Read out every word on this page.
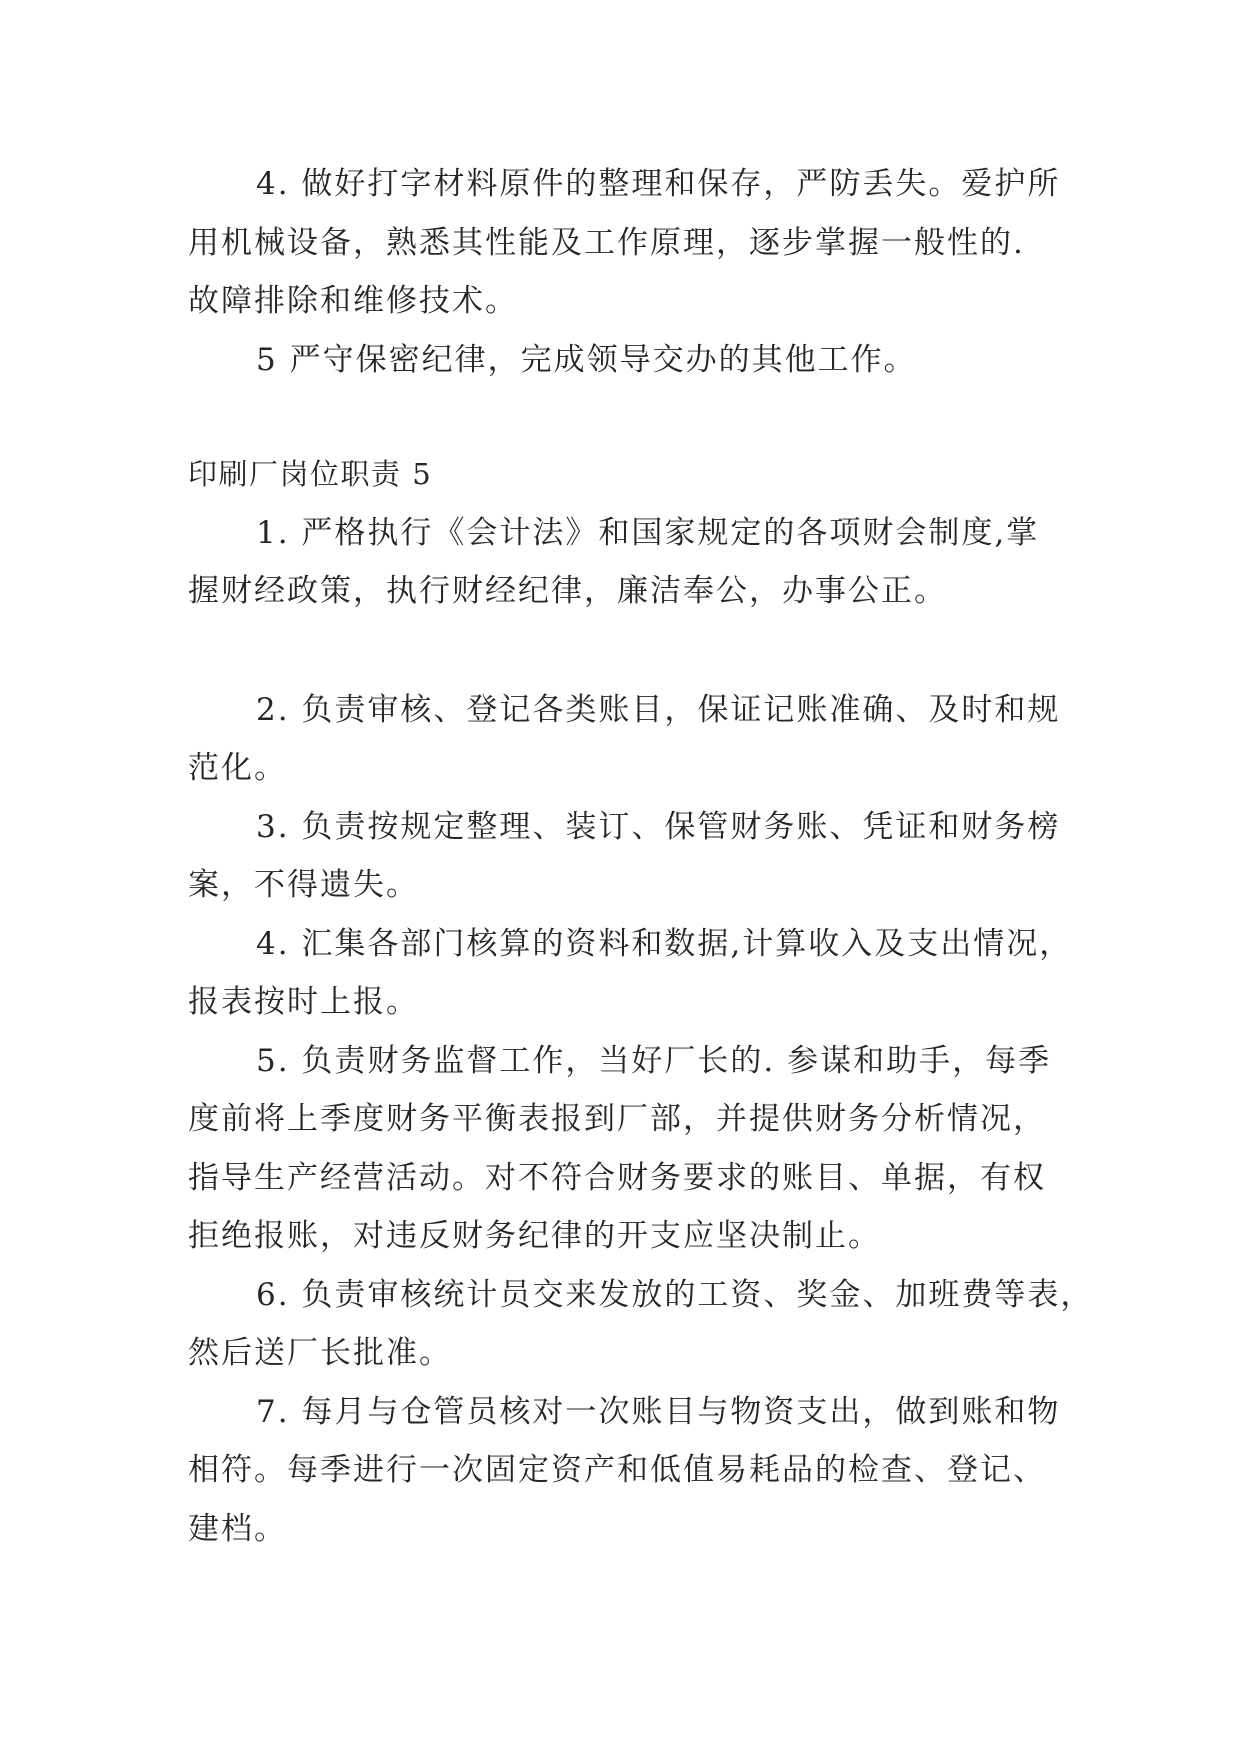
4. 做好打字材料原件的整理和保存，严防丢失。爱护所
用机械设备，熟悉其性能及工作原理，逐步掌握一般性的.
故障排除和维修技术。
5 严守保密纪律，完成领导交办的其他工作。
印刷厂岗位职责 5
1. 严格执行《会计法》和国家规定的各项财会制度,掌
握财经政策，执行财经纪律，廉洁奉公，办事公正。
2. 负责审核、登记各类账目，保证记账准确、及时和规
范化。
3. 负责按规定整理、装订、保管财务账、凭证和财务榜
案，不得遗失。
4. 汇集各部门核算的资料和数据,计算收入及支出情况，
报表按时上报。
5. 负责财务监督工作，当好厂长的. 参谋和助手，每季
度前将上季度财务平衡表报到厂部，并提供财务分析情况，
指导生产经营活动。对不符合财务要求的账目、单据，有权
拒绝报账，对违反财务纪律的开支应坚决制止。
6. 负责审核统计员交来发放的工资、奖金、加班费等表，
然后送厂长批准。
7. 每月与仓管员核对一次账目与物资支出，做到账和物
相符。每季进行一次固定资产和低值易耗品的检查、登记、
建档。
